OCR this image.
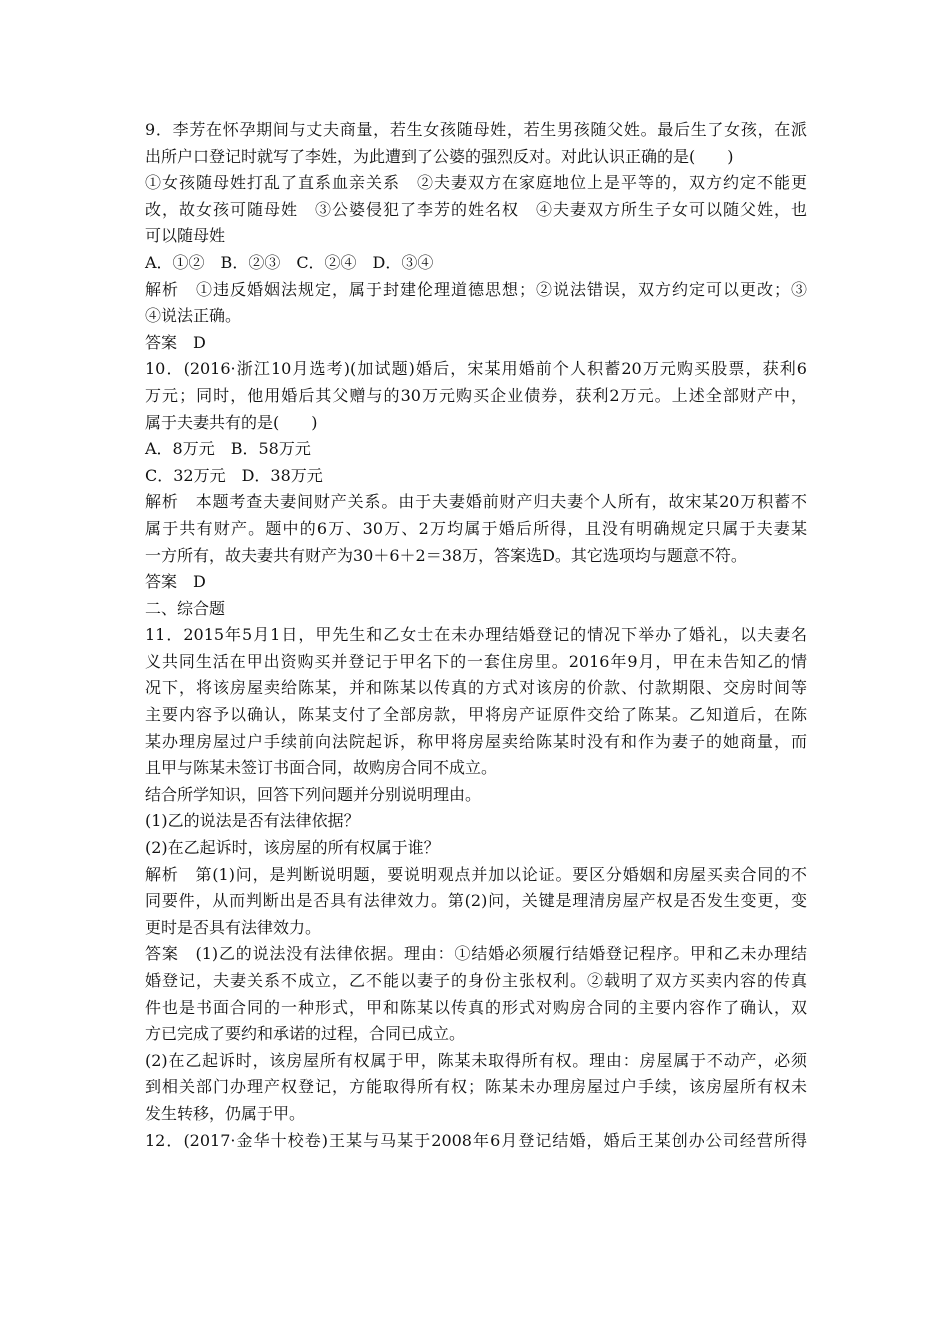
9．李芳在怀孕期间与丈夫商量，若生女孩随母姓，若生男孩随父姓。最后生了女孩，在派
出所户口登记时就写了李姓，为此遭到了公婆的强烈反对。对此认识正确的是(　　)
①女孩随母姓打乱了直系血亲关系　②夫妻双方在家庭地位上是平等的，双方约定不能更
改，故女孩可随母姓　③公婆侵犯了李芳的姓名权　④夫妻双方所生子女可以随父姓，也
可以随母姓
A．①②　B．②③　C．②④　D．③④
解析　①违反婚姻法规定，属于封建伦理道德思想；②说法错误，双方约定可以更改；③
④说法正确。
答案　D
10．(2016·浙江10月选考)(加试题)婚后，宋某用婚前个人积蓄20万元购买股票，获利6
万元；同时，他用婚后其父赠与的30万元购买企业债券，获利2万元。上述全部财产中，
属于夫妻共有的是(　　)
A．8万元　B．58万元
C．32万元　D．38万元
解析　本题考查夫妻间财产关系。由于夫妻婚前财产归夫妻个人所有，故宋某20万积蓄不
属于共有财产。题中的6万、30万、2万均属于婚后所得，且没有明确规定只属于夫妻某
一方所有，故夫妻共有财产为30＋6＋2＝38万，答案选D。其它选项均与题意不符。
答案　D
二、综合题
11．2015年5月1日，甲先生和乙女士在未办理结婚登记的情况下举办了婚礼，以夫妻名
义共同生活在甲出资购买并登记于甲名下的一套住房里。2016年9月，甲在未告知乙的情
况下，将该房屋卖给陈某，并和陈某以传真的方式对该房的价款、付款期限、交房时间等
主要内容予以确认，陈某支付了全部房款，甲将房产证原件交给了陈某。乙知道后，在陈
某办理房屋过户手续前向法院起诉，称甲将房屋卖给陈某时没有和作为妻子的她商量，而
且甲与陈某未签订书面合同，故购房合同不成立。
结合所学知识，回答下列问题并分别说明理由。
(1)乙的说法是否有法律依据？
(2)在乙起诉时，该房屋的所有权属于谁？
解析　第(1)问，是判断说明题，要说明观点并加以论证。要区分婚姻和房屋买卖合同的不
同要件，从而判断出是否具有法律效力。第(2)问，关键是理清房屋产权是否发生变更，变
更时是否具有法律效力。
答案　(1)乙的说法没有法律依据。理由：①结婚必须履行结婚登记程序。甲和乙未办理结
婚登记，夫妻关系不成立，乙不能以妻子的身份主张权利。②载明了双方买卖内容的传真
件也是书面合同的一种形式，甲和陈某以传真的形式对购房合同的主要内容作了确认，双
方已完成了要约和承诺的过程，合同已成立。
(2)在乙起诉时，该房屋所有权属于甲，陈某未取得所有权。理由：房屋属于不动产，必须
到相关部门办理产权登记，方能取得所有权；陈某未办理房屋过户手续，该房屋所有权未
发生转移，仍属于甲。
12．(2017·金华十校卷)王某与马某于2008年6月登记结婚，婚后王某创办公司经营所得
